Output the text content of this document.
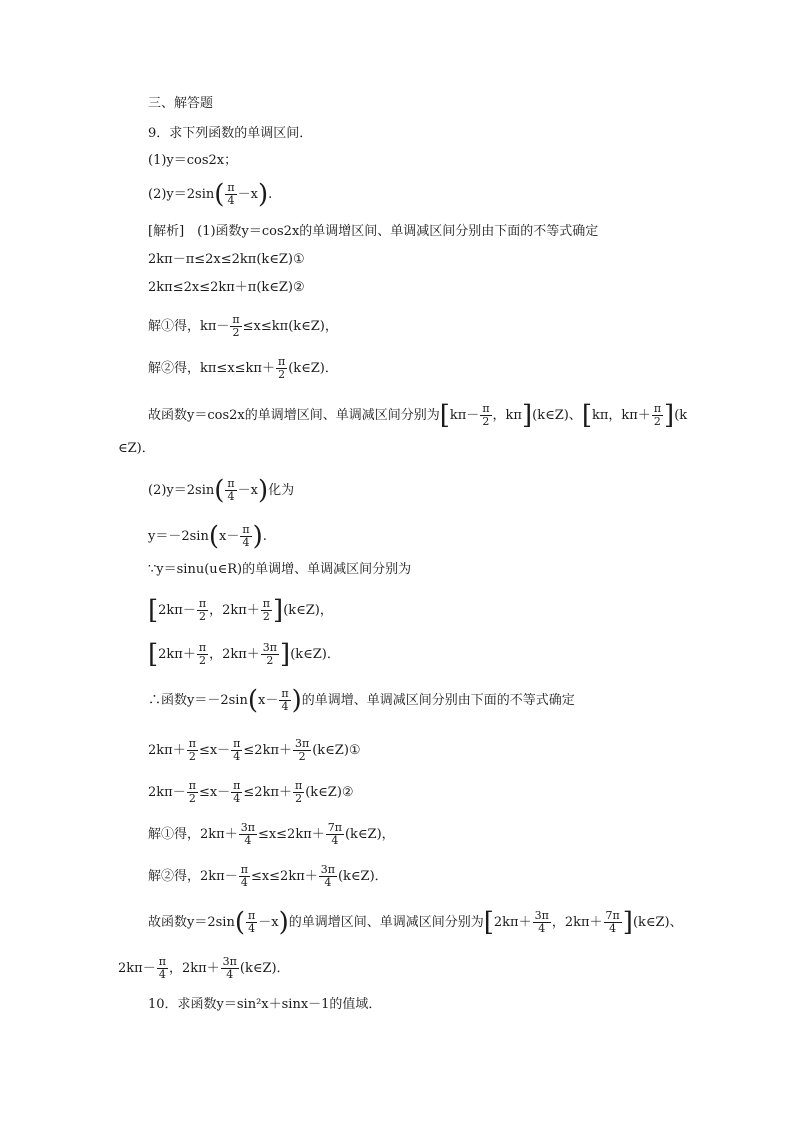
三、解答题
9．求下列函数的单调区间．
(1)y＝cos2x；
$(2)y=2\sin( \frac{\pi}{4} -x)$.
[解析]　(1)函数y＝cos2x的单调增区间、单调减区间分别由下面的不等式确定
2kπ－π≤2x≤2kπ(k∈Z)①
2kπ≤2x≤2kπ＋π(k∈Z)②
解①得，$k\pi- \frac{\pi}{2}$ ≤x≤kπ(k∈Z)，
解②得，$k\pi\le x\le k\pi+ \frac{\pi}{2}$ (k∈Z)．
故函数y＝cos2x的单调增区间、单调减区间分别为[$k\pi- \frac{\pi}{2}$ ，kπ](k∈Z)、[kπ，$k\pi+ \frac{\pi}{2} ](k$
∈Z)．
$(2)y=2\sin( \frac{\pi}{4} -x)$化为
$y=-2\sin(x- \frac{\pi}{4}$ ).
∵y＝sinu(u∈R)的单调增、单调减区间分别为
[$2k\pi- \frac{\pi}{2}$ ，$2k\pi+ \frac{\pi}{2}$ ](k∈Z)，
[$2k\pi+ \frac{\pi}{2}$ ，$2k\pi+ \frac{3\pi}{2}$ ](k∈Z)．
∴函数$y=-2\sin(x- \frac{\pi}{4}$ )的单调增、单调减区间分别由下面的不等式确定
$2k\pi+ \frac{\pi}{2} \le x- \frac{\pi}{4} \le 2k\pi+ \frac{3\pi}{2}$ (k∈Z)①
$2k\pi- \frac{\pi}{2} \le x- \frac{\pi}{4} \le 2k\pi+ \frac{\pi}{2}$ (k∈Z)②
解①得，$2k\pi+ \frac{3\pi}{4} \le x\le 2k\pi+ \frac{7\pi}{4}$ (k∈Z)，
解②得，$2k\pi- \frac{\pi}{4} \le x\le 2k\pi+ \frac{3\pi}{4}$ (k∈Z)．
故函数$y=2\sin( \frac{\pi}{4} -x)$的单调增区间、单调减区间分别为[$2k\pi+ \frac{3\pi}{4}$ ，$2k\pi+ \frac{7\pi}{4}$ ](k∈Z)、
$2k\pi- \frac{\pi}{4}$ ，$2k\pi+ \frac{3\pi}{4}$ (k∈Z)．
10．求函数y＝sin²x＋sinx－1的值域．
